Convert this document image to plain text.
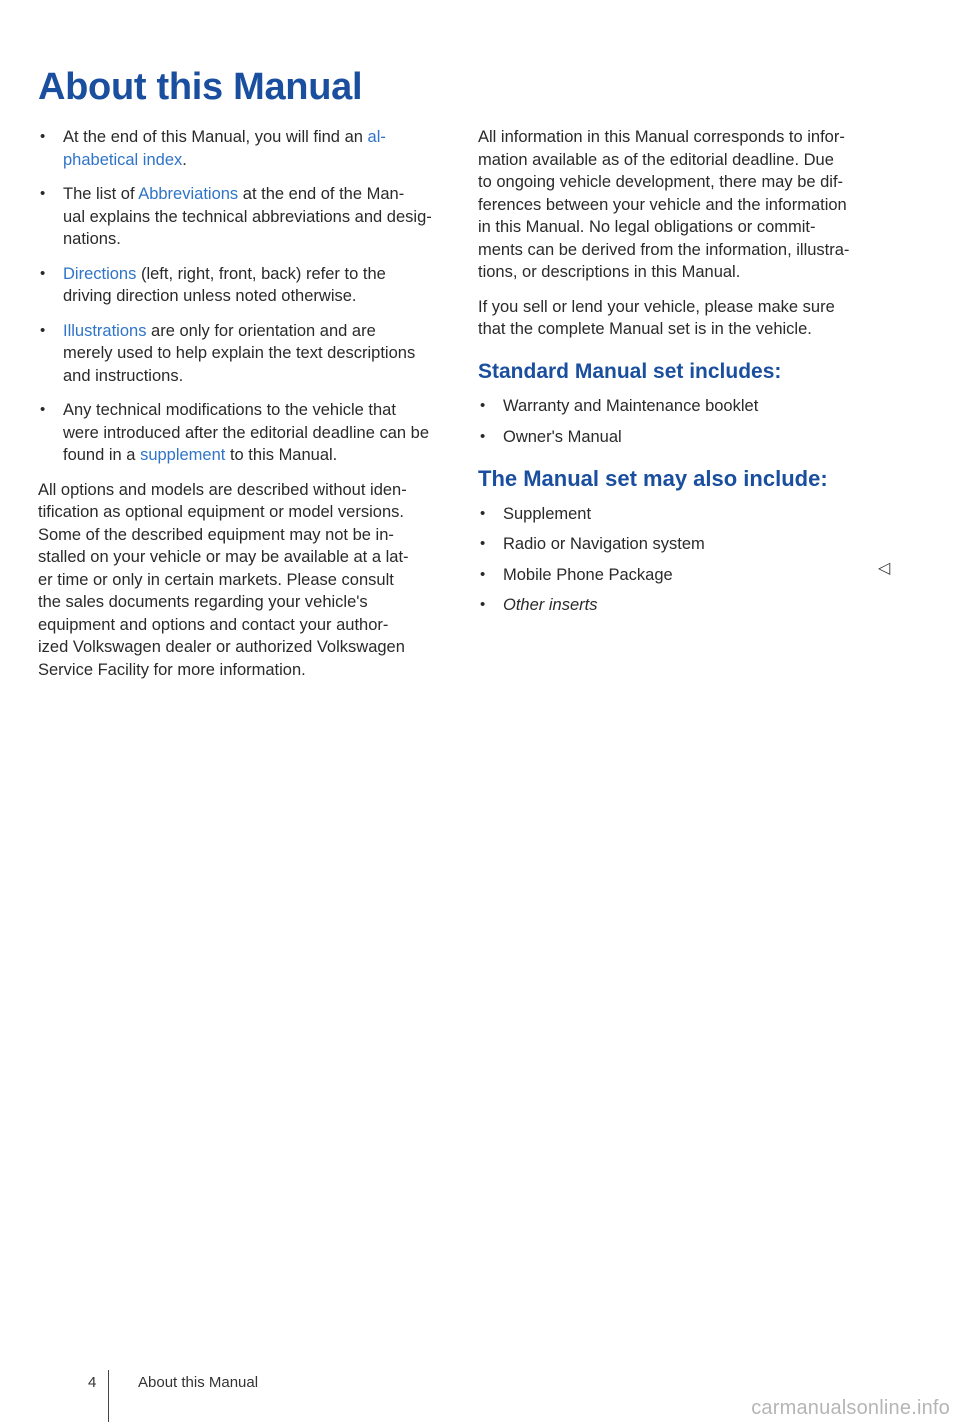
About this Manual
• At the end of this Manual, you will find an al-
phabetical index.
• The list of Abbreviations at the end of the Man-
ual explains the technical abbreviations and desig-
nations.
• Directions (left, right, front, back) refer to the
driving direction unless noted otherwise.
• Illustrations are only for orientation and are
merely used to help explain the text descriptions
and instructions.
• Any technical modifications to the vehicle that
were introduced after the editorial deadline can be
found in a supplement to this Manual.

All options and models are described without iden-
tification as optional equipment or model versions.
Some of the described equipment may not be in-
stalled on your vehicle or may be available at a lat-
er time or only in certain markets. Please consult
the sales documents regarding your vehicle's
equipment and options and contact your author-
ized Volkswagen dealer or authorized Volkswagen
Service Facility for more information.

All information in this Manual corresponds to infor-
mation available as of the editorial deadline. Due
to ongoing vehicle development, there may be dif-
ferences between your vehicle and the information
in this Manual. No legal obligations or commit-
ments can be derived from the information, illustra-
tions, or descriptions in this Manual.

If you sell or lend your vehicle, please make sure
that the complete Manual set is in the vehicle.

Standard Manual set includes:
• Warranty and Maintenance booklet
• Owner's Manual
The Manual set may also include:
• Supplement
• Radio or Navigation system
• Mobile Phone Package
• Other inserts
◁
4	About this Manual
carmanualsonline.info
